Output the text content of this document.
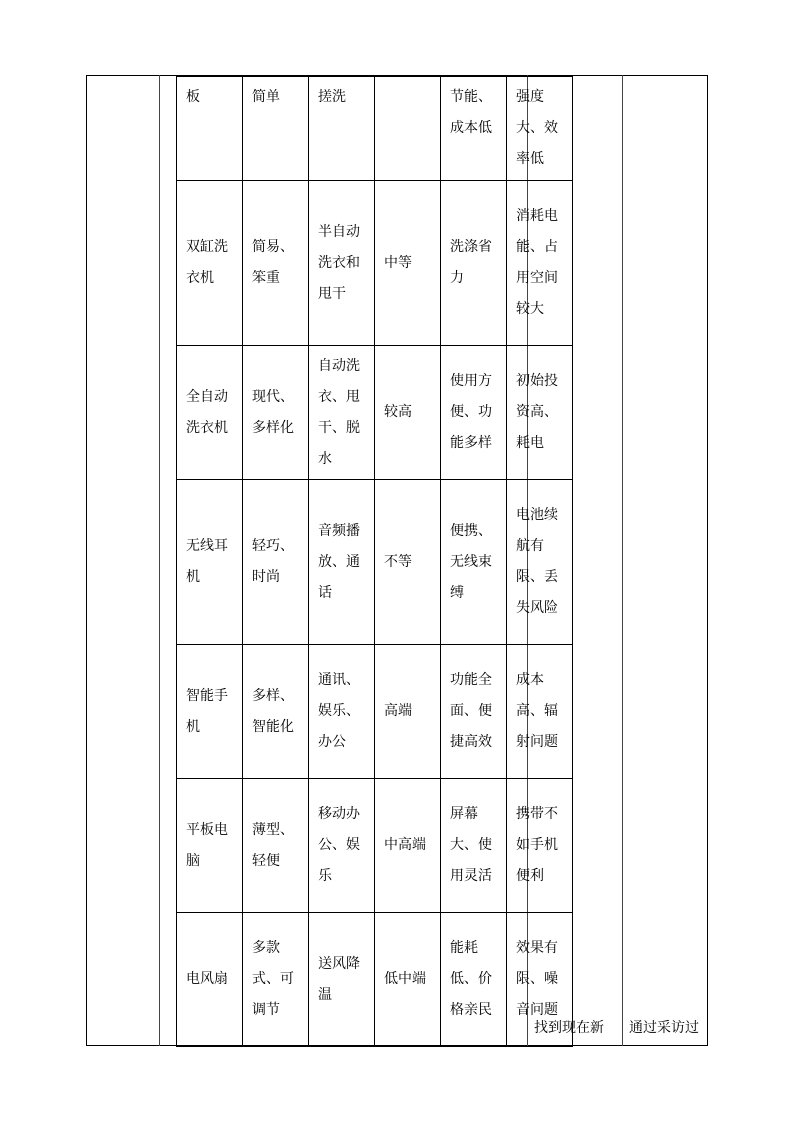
板	简单	搓洗		节能、成本低	强度大、效率低

双缸洗衣机	简易、笨重	半自动洗衣和甩干	中等	洗涤省力	消耗电能、占用空间较大

全自动洗衣机	现代、多样化	自动洗衣、甩干、脱水	较高	使用方便、功能多样	初始投资高、耗电

无线耳机	轻巧、时尚	音频播放、通话	不等	便携、无线束缚	电池续航有限、丢失风险

智能手机	多样、智能化	通讯、娱乐、办公	高端	功能全面、便捷高效	成本高、辐射问题

平板电脑	薄型、轻便	移动办公、娱乐	中高端	屏幕大、使用灵活	携带不如手机便利

电风扇	多款式、可调节	送风降温	低中端	能耗低、价格亲民	效果有限、噪音问题
找到现在新 通过采访过
